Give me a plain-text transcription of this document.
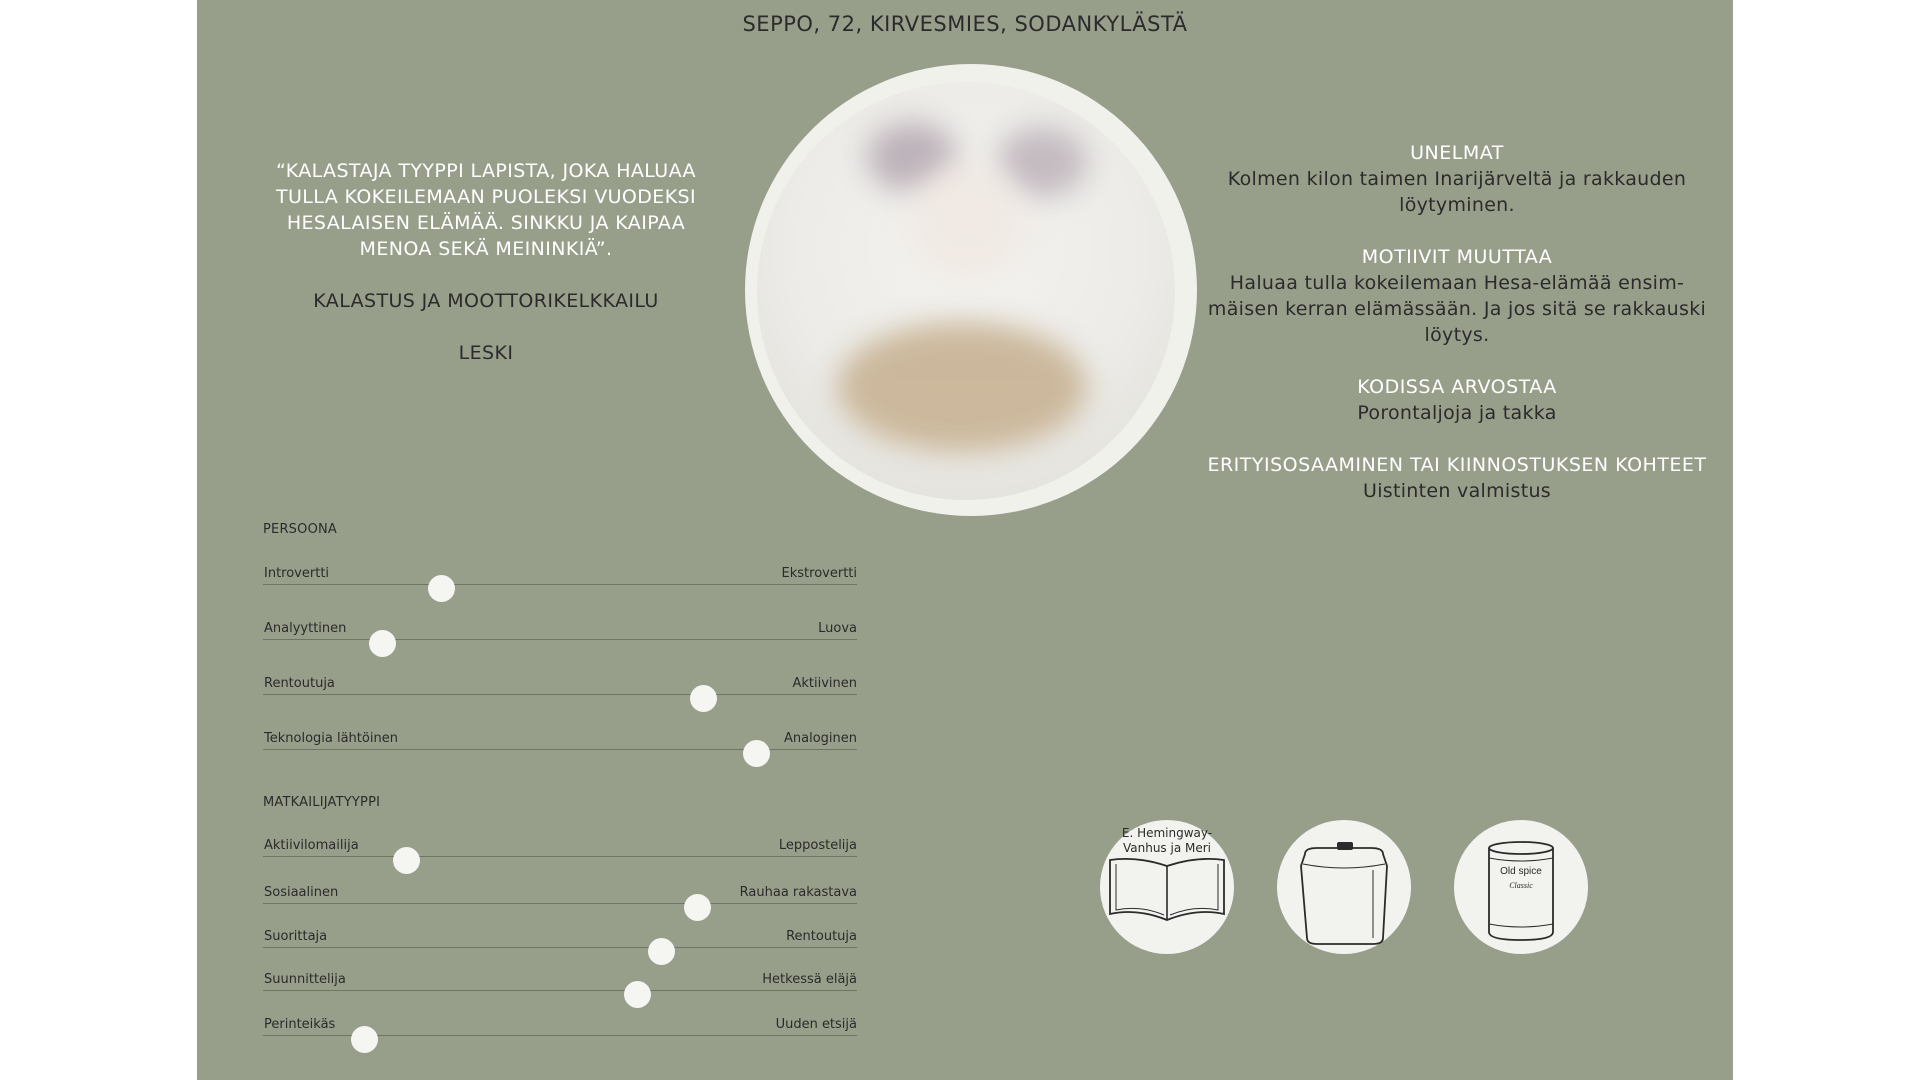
SEPPO, 72, KIRVESMIES, SODANKYLÄSTÄ

“KALASTAJA TYYPPI LAPISTA, JOKA HALUAA TULLA KOKEILEMAAN PUOLEKSI VUODEKSI HESALAISEN ELÄMÄÄ. SINKKU JA KAIPAA MENOA SEKÄ MEININKIÄ”.

KALASTUS JA MOOTTORIKELKKAILU

LESKI

UNELMAT
Kolmen kilon taimen Inarijärveltä ja rakkauden löytyminen.
MOTIIVIT MUUTTAA
Haluaa tulla kokeilemaan Hesa-elämää ensim-mäisen kerran elämässään. Ja jos sitä se rakkauski löytys.
KODISSA ARVOSTAA
Porontaljoja ja takka
ERITYISOSAAMINEN TAI KIINNOSTUKSEN KOHTEET
Uistinten valmistus
PERSOONA
Introvertti	Ekstrovertti
Analyyttinen	Luova
Rentoutuja	Aktiivinen
Teknologia lähtöinen	Analoginen
MATKAILIJATYYPPI
Aktiivilomailija	Leppostelija
Sosiaalinen	Rauhaa rakastava
Suorittaja	Rentoutuja
Suunnittelija	Hetkessä eläjä
Perinteikäs	Uuden etsijä
E. Hemingway-
Vanhus ja Meri
Old spice
Classic
